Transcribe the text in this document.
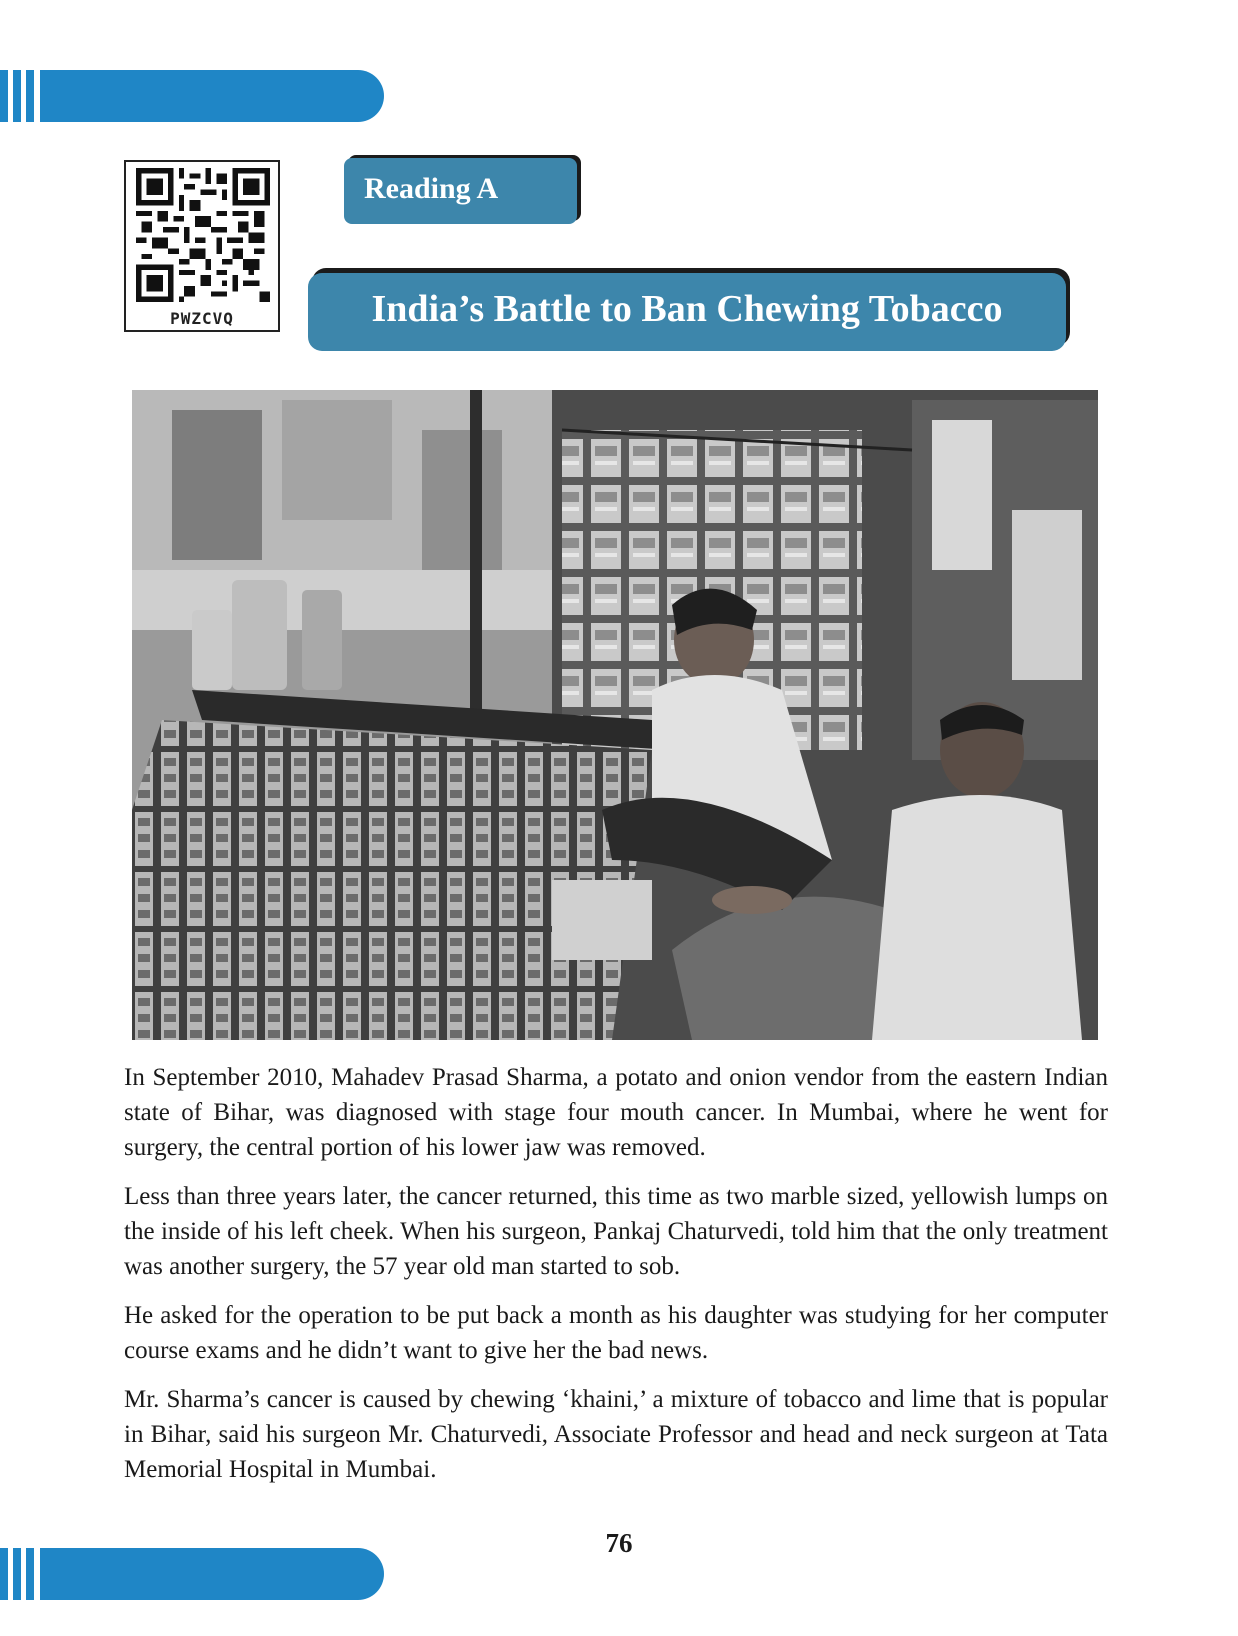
PWZCVQ
Reading A
India’s Battle to Ban Chewing Tobacco

In September 2010, Mahadev Prasad Sharma, a potato and onion vendor from the eastern Indian state of Bihar, was diagnosed with stage four mouth cancer. In Mumbai, where he went for surgery, the central portion of his lower jaw was removed.

Less than three years later, the cancer returned, this time as two marble sized, yellowish lumps on the inside of his left cheek. When his surgeon, Pankaj Chaturvedi, told him that the only treatment was another surgery, the 57 year old man started to sob.

He asked for the operation to be put back a month as his daughter was studying for her computer course exams and he didn’t want to give her the bad news.

Mr. Sharma’s cancer is caused by chewing ‘khaini,’ a mixture of tobacco and lime that is popular in Bihar, said his surgeon Mr. Chaturvedi, Associate Professor and head and neck surgeon at Tata Memorial Hospital in Mumbai.

76
